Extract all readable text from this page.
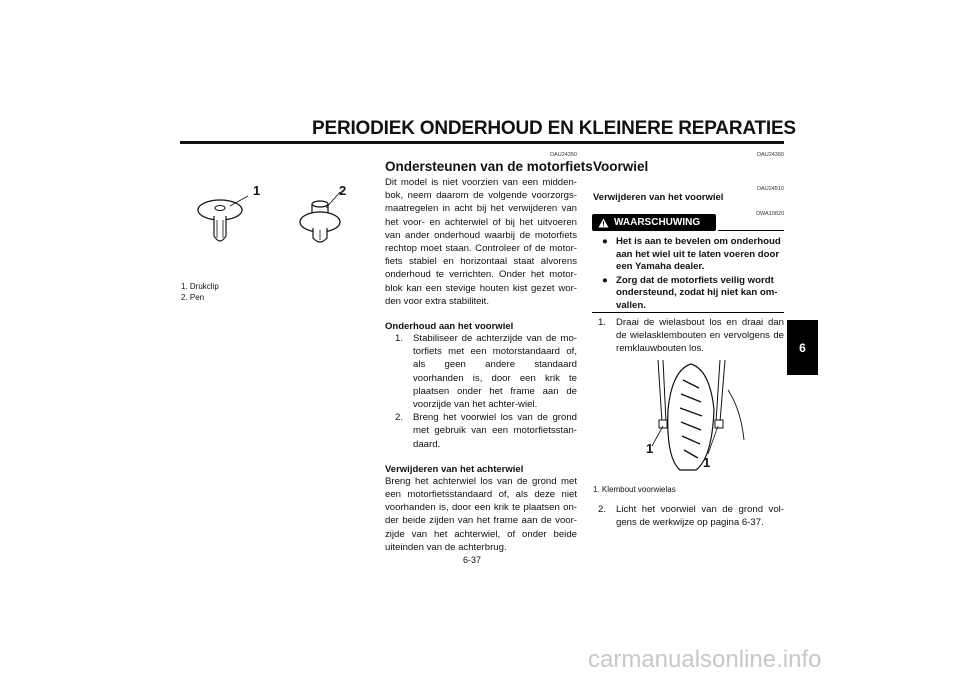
PERIODIEK ONDERHOUD EN KLEINERE REPARATIES
1	2
1. Drukclip
2. Pen
DAU24350
Ondersteunen van de motorfiets
Dit model is niet voorzien van een midden-bok, neem daarom de volgende voorzorgs-maatregelen in acht bij het verwijderen van het voor- en achterwiel of bij het uitvoeren van ander onderhoud waarbij de motorfiets rechtop moet staan. Controleer of de motor-fiets stabiel en horizontaal staat alvorens onderhoud te verrichten. Onder het motor-blok kan een stevige houten kist gezet wor-den voor extra stabiliteit.
Onderhoud aan het voorwiel
1.	Stabiliseer de achterzijde van de mo-torfiets met een motorstandaard of, als geen andere standaard voorhanden is, door een krik te plaatsen onder het frame aan de voorzijde van het achter-wiel.
2.	Breng het voorwiel los van de grond met gebruik van een motorfietsstan-daard.
Verwijderen van het achterwiel
Breng het achterwiel los van de grond met een motorfietsstandaard of, als deze niet voorhanden is, door een krik te plaatsen on-der beide zijden van het frame aan de voor-zijde van het achterwiel, of onder beide uiteinden van de achterbrug.
DAU24360
Voorwiel
DAU24510
Verwijderen van het voorwiel
DWA10820
WAARSCHUWING
● Het is aan te bevelen om onderhoud aan het wiel uit te laten voeren door een Yamaha dealer.
● Zorg dat de motorfiets veilig wordt ondersteund, zodat hij niet kan om-vallen.
1.	Draai de wielasbout los en draai dan de wielasklembouten en vervolgens de remklauwbouten los.
1
1
1. Klembout voorwielas
2.	Licht het voorwiel van de grond vol-gens de werkwijze op pagina 6-37.
6
6-37
carmanualsonline.info
